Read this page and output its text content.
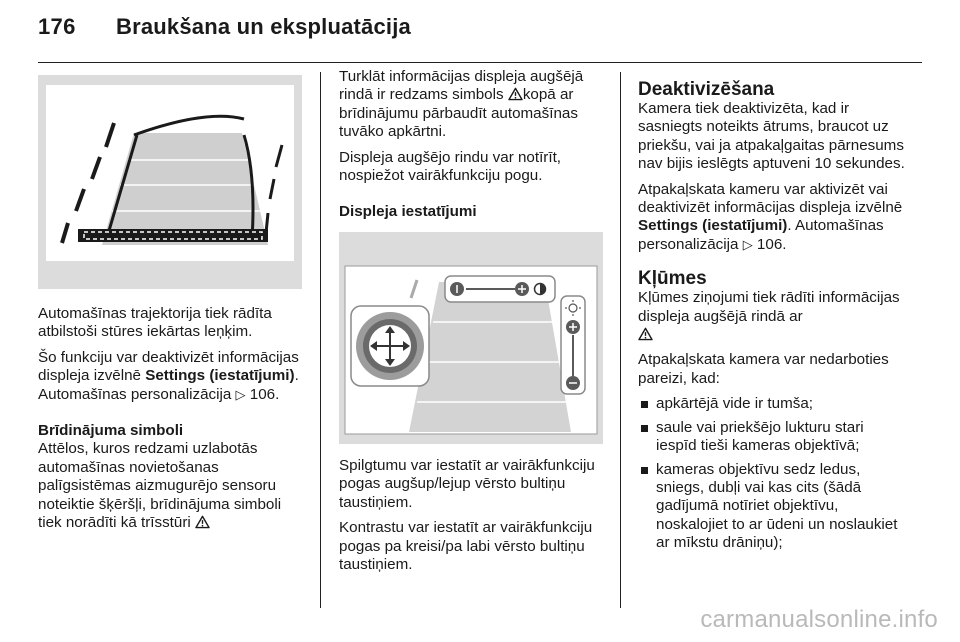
176 Braukšana un ekspluatācija

Automašīnas trajektorija tiek rādīta atbilstoši stūres iekārtas leņķim.

Šo funkciju var deaktivizēt informācijas displeja izvēlnē Settings (iestatījumi). Automašīnas personalizācija ▷ 106.

Brīdinājuma simboli

Attēlos, kuros redzami uzlabotās automašīnas novietošanas palīgsistēmas aizmugurējo sensoru noteiktie šķēršļi, brīdinājuma simboli tiek norādīti kā trīsstūri

Turklāt informācijas displeja augšējā rindā ir redzams simbols kopā ar brīdinājumu pārbaudīt automašīnas tuvāko apkārtni.

Displeja augšējo rindu var notīrīt, nospiežot vairākfunkciju pogu.

Displeja iestatījumi

Spilgtumu var iestatīt ar vairākfunkciju pogas augšup/lejup vērsto bultiņu taustiņiem.

Kontrastu var iestatīt ar vairākfunkciju pogas pa kreisi/pa labi vērsto bultiņu taustiņiem.

Deaktivizēšana

Kamera tiek deaktivizēta, kad ir sasniegts noteikts ātrums, braucot uz priekšu, vai ja atpakaļgaitas pārnesums nav bijis ieslēgts aptuveni 10 sekundes.

Atpakaļskata kameru var aktivizēt vai deaktivizēt informācijas displeja izvēlnē Settings (iestatījumi). Automašīnas personalizācija ▷ 106.

Kļūmes

Kļūmes ziņojumi tiek rādīti informācijas displeja augšējā rindā ar

Atpakaļskata kamera var nedarboties pareizi, kad:

apkārtējā vide ir tumša;
saule vai priekšējo lukturu stari iespīd tieši kameras objektīvā;
kameras objektīvu sedz ledus, sniegs, dubļi vai kas cits (šādā gadījumā notīriet objektīvu, noskalojiet to ar ūdeni un noslaukiet ar mīkstu drāniņu);
carmanualsonline.info
